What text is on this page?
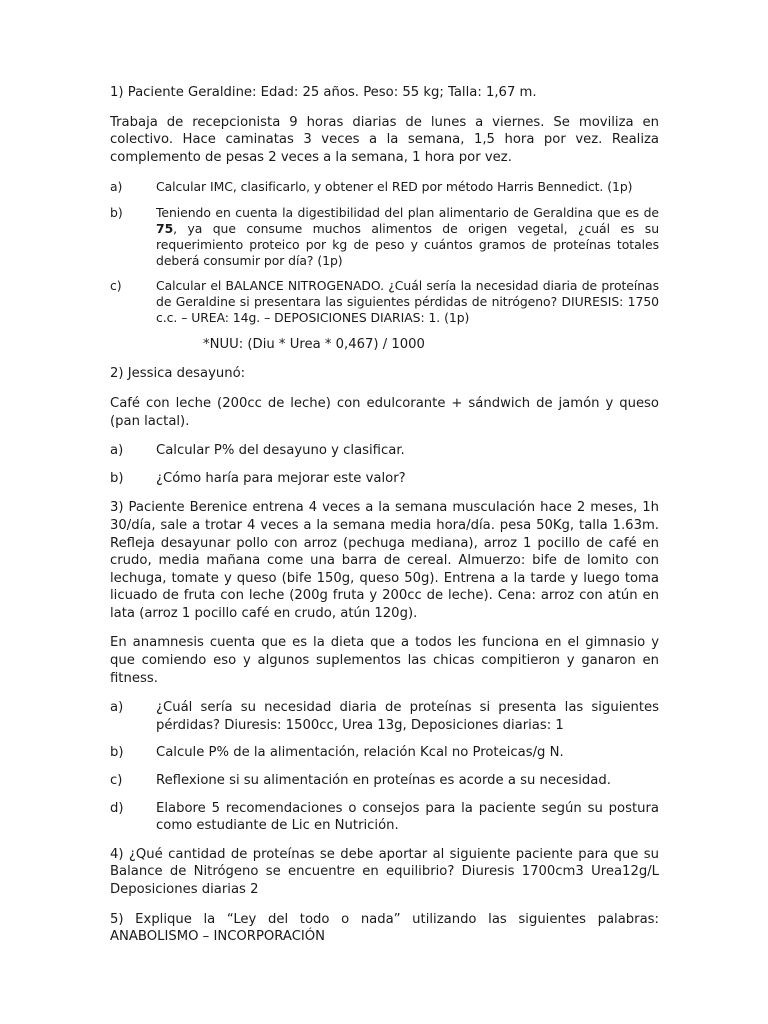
1) Paciente Geraldine: Edad: 25 años. Peso: 55 kg; Talla: 1,67 m.

Trabaja de recepcionista 9 horas diarias de lunes a viernes. Se moviliza en colectivo. Hace caminatas 3 veces a la semana, 1,5 hora por vez. Realiza complemento de pesas 2 veces a la semana, 1 hora por vez.

a)	Calcular IMC, clasificarlo, y obtener el RED por método Harris Bennedict. (1p)
b)	Teniendo en cuenta la digestibilidad del plan alimentario de Geraldina que es de 75, ya que consume muchos alimentos de origen vegetal, ¿cuál es su requerimiento proteico por kg de peso y cuántos gramos de proteínas totales deberá consumir por día? (1p)
c)	Calcular el BALANCE NITROGENADO. ¿Cuál sería la necesidad diaria de proteínas de Geraldine si presentara las siguientes pérdidas de nitrógeno? DIURESIS: 1750 c.c. – UREA: 14g. – DEPOSICIONES DIARIAS: 1. (1p)

*NUU: (Diu * Urea * 0,467) / 1000

2) Jessica desayunó:

Café con leche (200cc de leche) con edulcorante + sándwich de jamón y queso (pan lactal).

a)	Calcular P% del desayuno y clasificar.
b)	¿Cómo haría para mejorar este valor?

3) Paciente Berenice entrena 4 veces a la semana musculación hace 2 meses, 1h 30/día, sale a trotar 4 veces a la semana media hora/día. pesa 50Kg, talla 1.63m. Refleja desayunar pollo con arroz (pechuga mediana), arroz 1 pocillo de café en crudo, media mañana come una barra de cereal. Almuerzo: bife de lomito con lechuga, tomate y queso (bife 150g, queso 50g). Entrena a la tarde y luego toma licuado de fruta con leche (200g fruta y 200cc de leche). Cena: arroz con atún en lata (arroz 1 pocillo café en crudo, atún 120g).

En anamnesis cuenta que es la dieta que a todos les funciona en el gimnasio y que comiendo eso y algunos suplementos las chicas compitieron y ganaron en fitness.

a)	¿Cuál sería su necesidad diaria de proteínas si presenta las siguientes pérdidas? Diuresis: 1500cc, Urea 13g, Deposiciones diarias: 1
b)	Calcule P% de la alimentación, relación Kcal no Proteicas/g N.
c)	Reflexione si su alimentación en proteínas es acorde a su necesidad.
d)	Elabore 5 recomendaciones o consejos para la paciente según su postura como estudiante de Lic en Nutrición.

4) ¿Qué cantidad de proteínas se debe aportar al siguiente paciente para que su Balance de Nitrógeno se encuentre en equilibrio? Diuresis 1700cm3 Urea12g/L Deposiciones diarias 2

5) Explique la “Ley del todo o nada” utilizando las siguientes palabras: ANABOLISMO – INCORPORACIÓN
